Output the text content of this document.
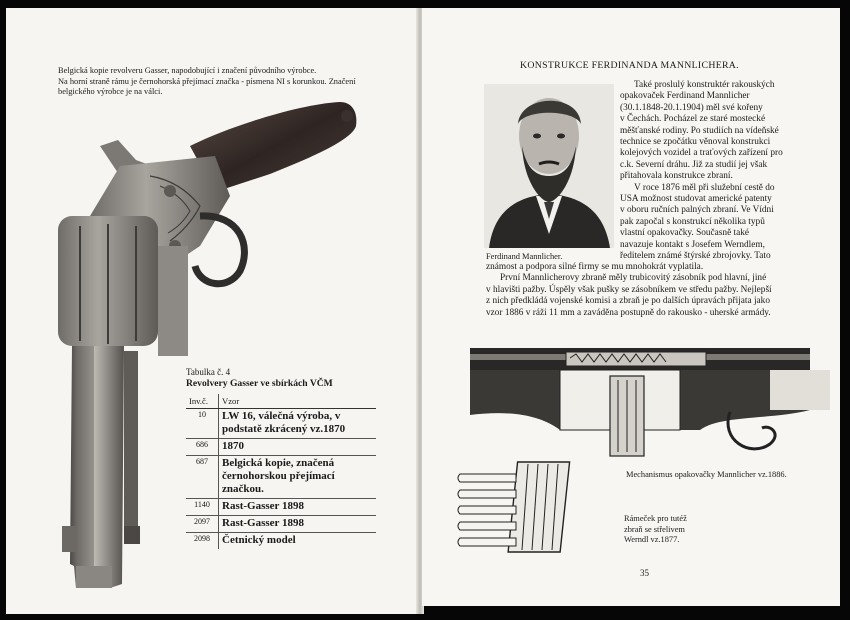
Belgická kopie revolveru Gasser, napodobující i značení původního výrobce.
Na horní straně rámu je černohorská přejímací značka - písmena NI s korunkou. Značení
belgického výrobce je na válci.
Tabulka č. 4
Revolvery Gasser ve sbírkách VČM
Inv.č.	Vzor
10	LW 16, válečná výroba, v podstatě zkrácený vz.1870
686	1870
687	Belgická kopie, značená černohorskou přejímací značkou.
1140	Rast-Gasser 1898
2097	Rast-Gasser 1898
2098	Četnický model
KONSTRUKCE FERDINANDA MANNLICHERA.
Ferdinand Mannlicher.
Také proslulý konstruktér rakouských
opakovaček Ferdinand Mannlicher
(30.1.1848-20.1.1904) měl své kořeny
v Čechách. Pocházel ze staré mostecké
měšťanské rodiny. Po studiích na vídeňské
technice se zpočátku věnoval konstrukci
kolejových vozidel a traťových zařízení pro
c.k. Severní dráhu. Již za studií jej však
přitahovala konstrukce zbraní.
V roce 1876 měl při služební cestě do
USA možnost studovat americké patenty
v oboru ručních palných zbraní. Ve Vídni
pak započal s konstrukcí několika typů
vlastní opakovačky. Současně také
navazuje kontakt s Josefem Werndlem,
ředitelem známé štýrské zbrojovky. Tato
známost a podpora silné firmy se mu mnohokrát vyplatila.
První Mannlicherovy zbraně měly trubicovitý zásobník pod hlavní, jiné
v hlavišti pažby. Úspěly však pušky se zásobníkem ve středu pažby. Nejlepší
z nich předkládá vojenské komisi a zbraň je po dalších úpravách přijata jako
vzor 1886 v ráži 11 mm a zaváděna postupně do rakousko - uherské armády.
Mechanismus opakovačky Mannlicher vz.1886.
Rámeček pro tutéž
zbraň se střelivem
Werndl vz.1877.
35
